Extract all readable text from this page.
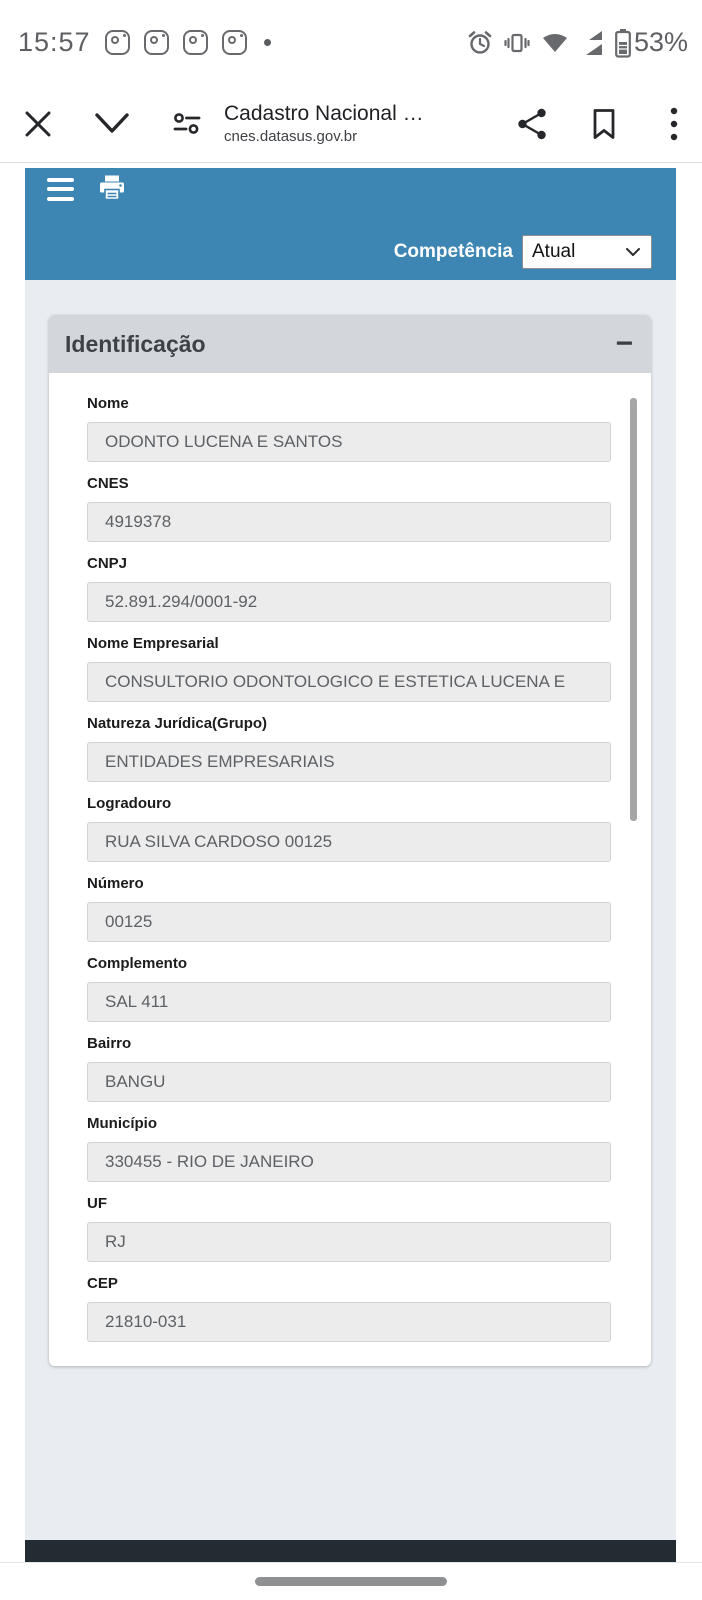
15:57	53%
Cadastro Nacional …
cnes.datasus.gov.br
Competência Atual
Identificação	−
Nome
ODONTO LUCENA E SANTOS
CNES
4919378
CNPJ
52.891.294/0001-92
Nome Empresarial
CONSULTORIO ODONTOLOGICO E ESTETICA LUCENA E
Natureza Jurídica(Grupo)
ENTIDADES EMPRESARIAIS
Logradouro
RUA SILVA CARDOSO 00125
Número
00125
Complemento
SAL 411
Bairro
BANGU
Município
330455 - RIO DE JANEIRO
UF
RJ
CEP
21810-031
